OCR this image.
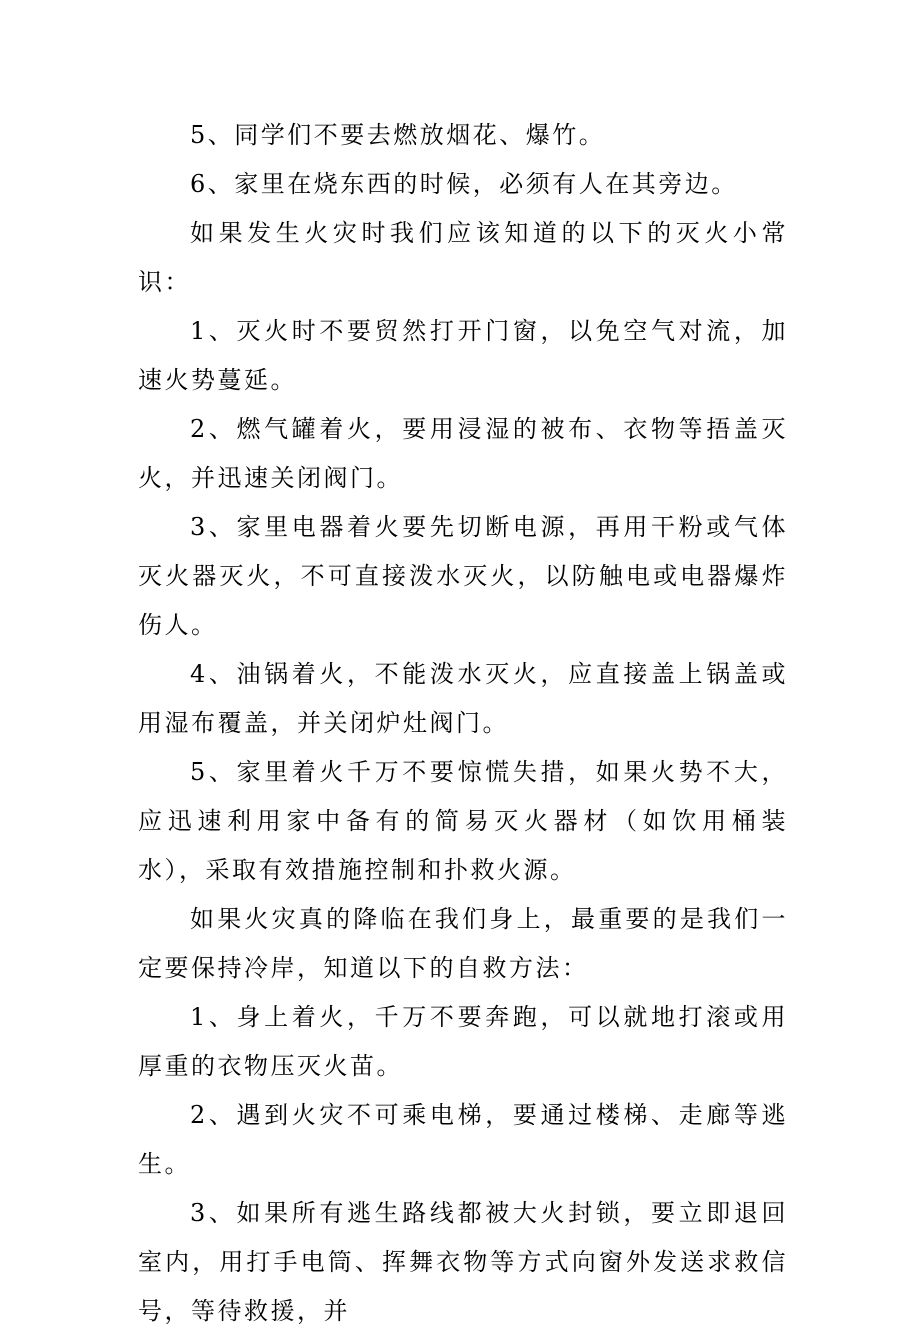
5、同学们不要去燃放烟花、爆竹。

6、家里在烧东西的时候，必须有人在其旁边。

如果发生火灾时我们应该知道的以下的灭火小常识：

1、灭火时不要贸然打开门窗，以免空气对流，加速火势蔓延。

2、燃气罐着火，要用浸湿的被布、衣物等捂盖灭火，并迅速关闭阀门。

3、家里电器着火要先切断电源，再用干粉或气体灭火器灭火，不可直接泼水灭火，以防触电或电器爆炸伤人。

4、油锅着火，不能泼水灭火，应直接盖上锅盖或用湿布覆盖，并关闭炉灶阀门。

5、家里着火千万不要惊慌失措，如果火势不大，应迅速利用家中备有的简易灭火器材（如饮用桶装水），采取有效措施控制和扑救火源。

如果火灾真的降临在我们身上，最重要的是我们一定要保持冷岸，知道以下的自救方法：

1、身上着火，千万不要奔跑，可以就地打滚或用厚重的衣物压灭火苗。

2、遇到火灾不可乘电梯，要通过楼梯、走廊等逃生。

3、如果所有逃生路线都被大火封锁，要立即退回室内，用打手电筒、挥舞衣物等方式向窗外发送求救信号，等待救援，并
